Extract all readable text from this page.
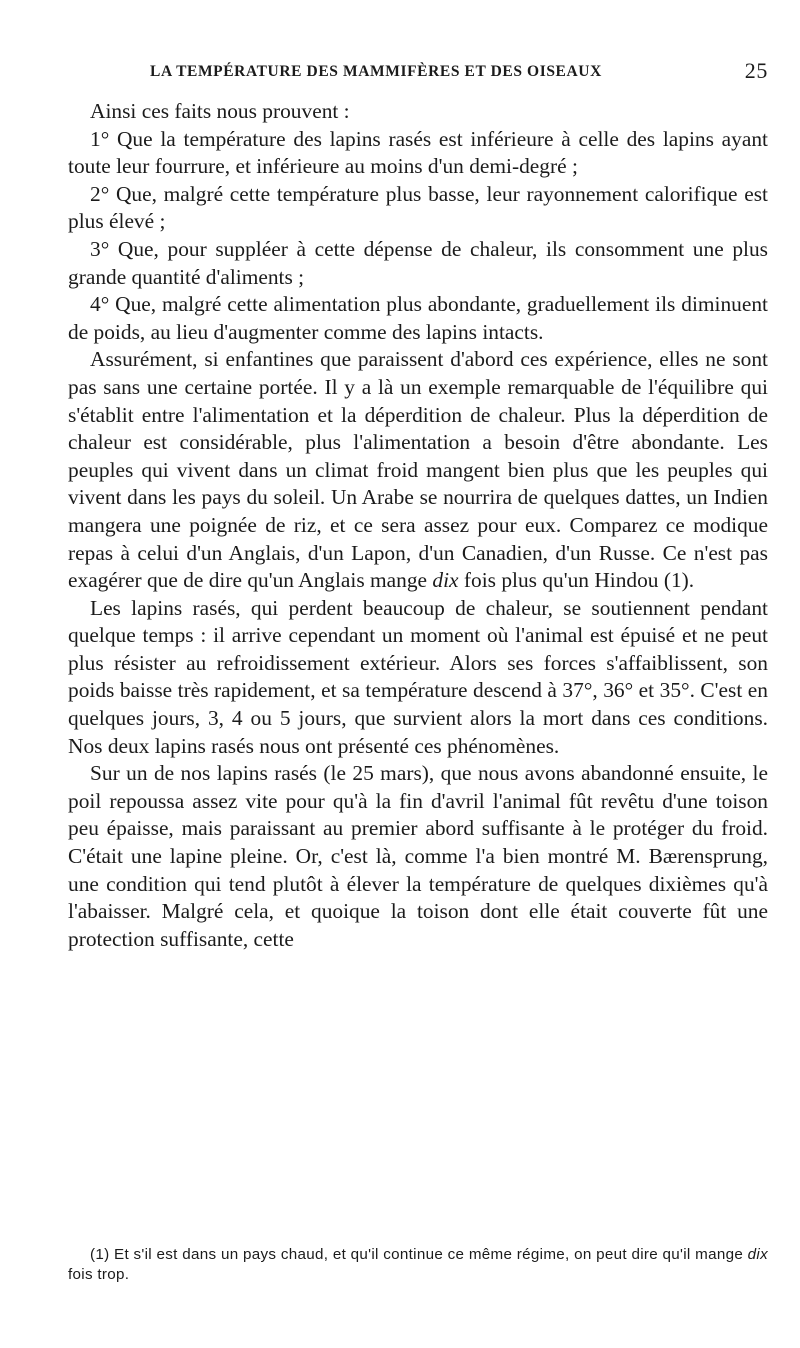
LA TEMPÉRATURE DES MAMMIFÈRES ET DES OISEAUX	25

Ainsi ces faits nous prouvent :

1° Que la température des lapins rasés est inférieure à celle des lapins ayant toute leur fourrure, et inférieure au moins d'un demi-degré ;

2° Que, malgré cette température plus basse, leur rayonnement calorifique est plus élevé ;

3° Que, pour suppléer à cette dépense de chaleur, ils consomment une plus grande quantité d'aliments ;

4° Que, malgré cette alimentation plus abondante, graduellement ils diminuent de poids, au lieu d'augmenter comme des lapins intacts.

Assurément, si enfantines que paraissent d'abord ces expérience, elles ne sont pas sans une certaine portée. Il y a là un exemple remarquable de l'équilibre qui s'établit entre l'alimentation et la déperdition de chaleur. Plus la déperdition de chaleur est considérable, plus l'alimentation a besoin d'être abondante. Les peuples qui vivent dans un climat froid mangent bien plus que les peuples qui vivent dans les pays du soleil. Un Arabe se nourrira de quelques dattes, un Indien mangera une poignée de riz, et ce sera assez pour eux. Comparez ce modique repas à celui d'un Anglais, d'un Lapon, d'un Canadien, d'un Russe. Ce n'est pas exagérer que de dire qu'un Anglais mange dix fois plus qu'un Hindou (1).

Les lapins rasés, qui perdent beaucoup de chaleur, se soutiennent pendant quelque temps : il arrive cependant un moment où l'animal est épuisé et ne peut plus résister au refroidissement extérieur. Alors ses forces s'affaiblissent, son poids baisse très rapidement, et sa température descend à 37°, 36° et 35°. C'est en quelques jours, 3, 4 ou 5 jours, que survient alors la mort dans ces conditions. Nos deux lapins rasés nous ont présenté ces phénomènes.

Sur un de nos lapins rasés (le 25 mars), que nous avons abandonné ensuite, le poil repoussa assez vite pour qu'à la fin d'avril l'animal fût revêtu d'une toison peu épaisse, mais paraissant au premier abord suffisante à le protéger du froid. C'était une lapine pleine. Or, c'est là, comme l'a bien montré M. Bærensprung, une condition qui tend plutôt à élever la température de quelques dixièmes qu'à l'abaisser. Malgré cela, et quoique la toison dont elle était couverte fût une protection suffisante, cette

(1) Et s'il est dans un pays chaud, et qu'il continue ce même régime, on peut dire qu'il mange dix fois trop.
